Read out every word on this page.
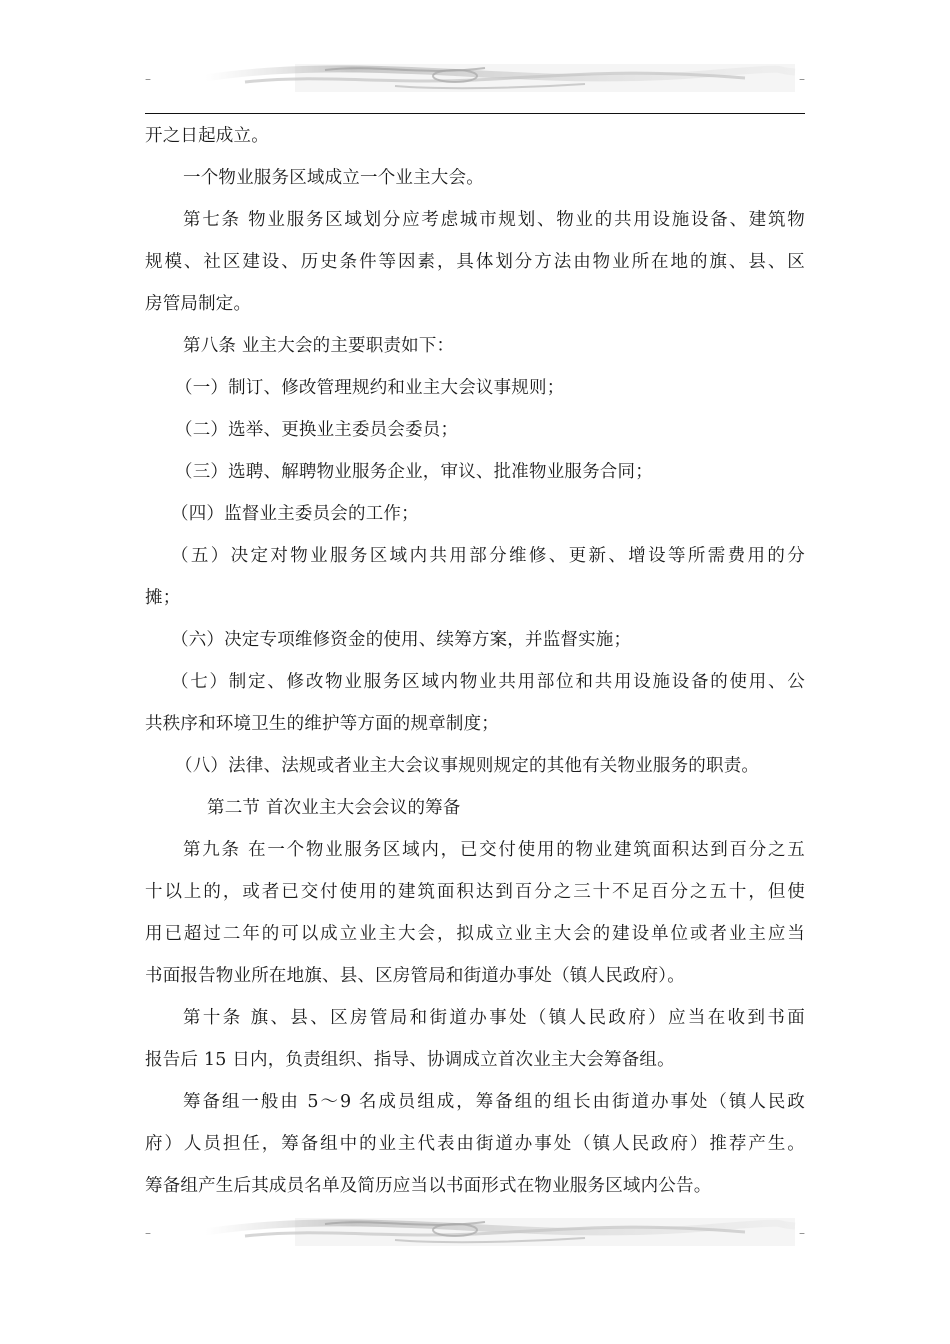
–	–
开之日起成立。
一个物业服务区域成立一个业主大会。
第七条 物业服务区域划分应考虑城市规划、物业的共用设施设备、建筑物
规模、社区建设、历史条件等因素，具体划分方法由物业所在地的旗、县、区
房管局制定。
第八条 业主大会的主要职责如下：
（一）制订、修改管理规约和业主大会议事规则；
（二）选举、更换业主委员会委员；
（三）选聘、解聘物业服务企业，审议、批准物业服务合同；
（四）监督业主委员会的工作；
（五）决定对物业服务区域内共用部分维修、更新、增设等所需费用的分
摊；
（六）决定专项维修资金的使用、续筹方案，并监督实施；
（七）制定、修改物业服务区域内物业共用部位和共用设施设备的使用、公
共秩序和环境卫生的维护等方面的规章制度；
（八）法律、法规或者业主大会议事规则规定的其他有关物业服务的职责。
第二节 首次业主大会会议的筹备
第九条 在一个物业服务区域内，已交付使用的物业建筑面积达到百分之五
十以上的，或者已交付使用的建筑面积达到百分之三十不足百分之五十，但使
用已超过二年的可以成立业主大会，拟成立业主大会的建设单位或者业主应当
书面报告物业所在地旗、县、区房管局和街道办事处（镇人民政府）。
第十条 旗、县、区房管局和街道办事处（镇人民政府）应当在收到书面
报告后 15 日内，负责组织、指导、协调成立首次业主大会筹备组。
筹备组一般由 5～9 名成员组成，筹备组的组长由街道办事处（镇人民政
府）人员担任，筹备组中的业主代表由街道办事处（镇人民政府）推荐产生。
筹备组产生后其成员名单及简历应当以书面形式在物业服务区域内公告。
–	–
